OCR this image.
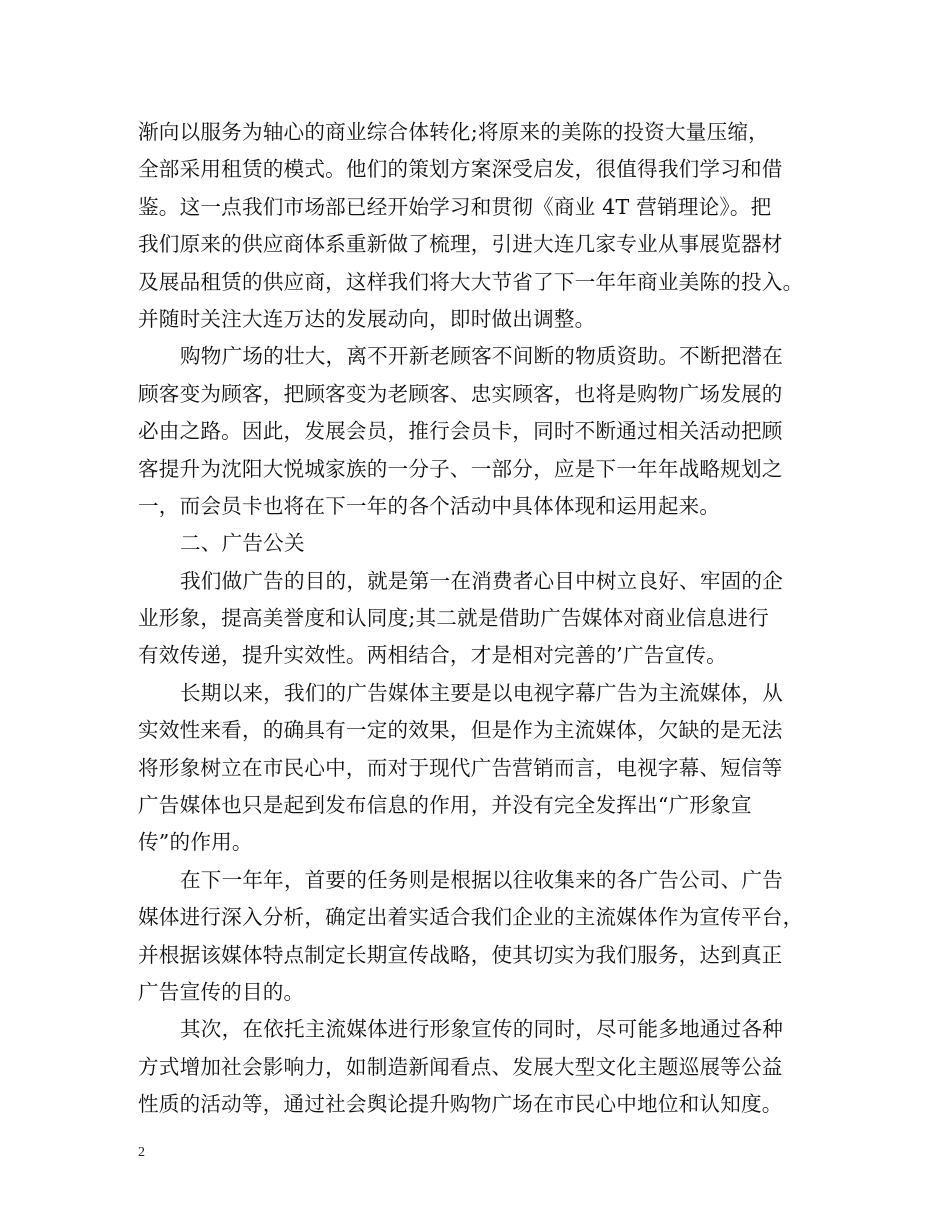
渐向以服务为轴心的商业综合体转化;将原来的美陈的投资大量压缩，
全部采用租赁的模式。他们的策划方案深受启发，很值得我们学习和借
鉴。这一点我们市场部已经开始学习和贯彻《商业 4T 营销理论》。把
我们原来的供应商体系重新做了梳理，引进大连几家专业从事展览器材
及展品租赁的供应商，这样我们将大大节省了下一年年商业美陈的投入。
并随时关注大连万达的发展动向，即时做出调整。
购物广场的壮大，离不开新老顾客不间断的物质资助。不断把潜在
顾客变为顾客，把顾客变为老顾客、忠实顾客，也将是购物广场发展的
必由之路。因此，发展会员，推行会员卡，同时不断通过相关活动把顾
客提升为沈阳大悦城家族的一分子、一部分，应是下一年年战略规划之
一，而会员卡也将在下一年的各个活动中具体体现和运用起来。
二、广告公关
我们做广告的目的，就是第一在消费者心目中树立良好、牢固的企
业形象，提高美誉度和认同度;其二就是借助广告媒体对商业信息进行
有效传递，提升实效性。两相结合，才是相对完善的’广告宣传。
长期以来，我们的广告媒体主要是以电视字幕广告为主流媒体，从
实效性来看，的确具有一定的效果，但是作为主流媒体，欠缺的是无法
将形象树立在市民心中，而对于现代广告营销而言，电视字幕、短信等
广告媒体也只是起到发布信息的作用，并没有完全发挥出“广形象宣
传”的作用。
在下一年年，首要的任务则是根据以往收集来的各广告公司、广告
媒体进行深入分析，确定出着实适合我们企业的主流媒体作为宣传平台，
并根据该媒体特点制定长期宣传战略，使其切实为我们服务，达到真正
广告宣传的目的。
其次，在依托主流媒体进行形象宣传的同时，尽可能多地通过各种
方式增加社会影响力，如制造新闻看点、发展大型文化主题巡展等公益
性质的活动等，通过社会舆论提升购物广场在市民心中地位和认知度。
2
